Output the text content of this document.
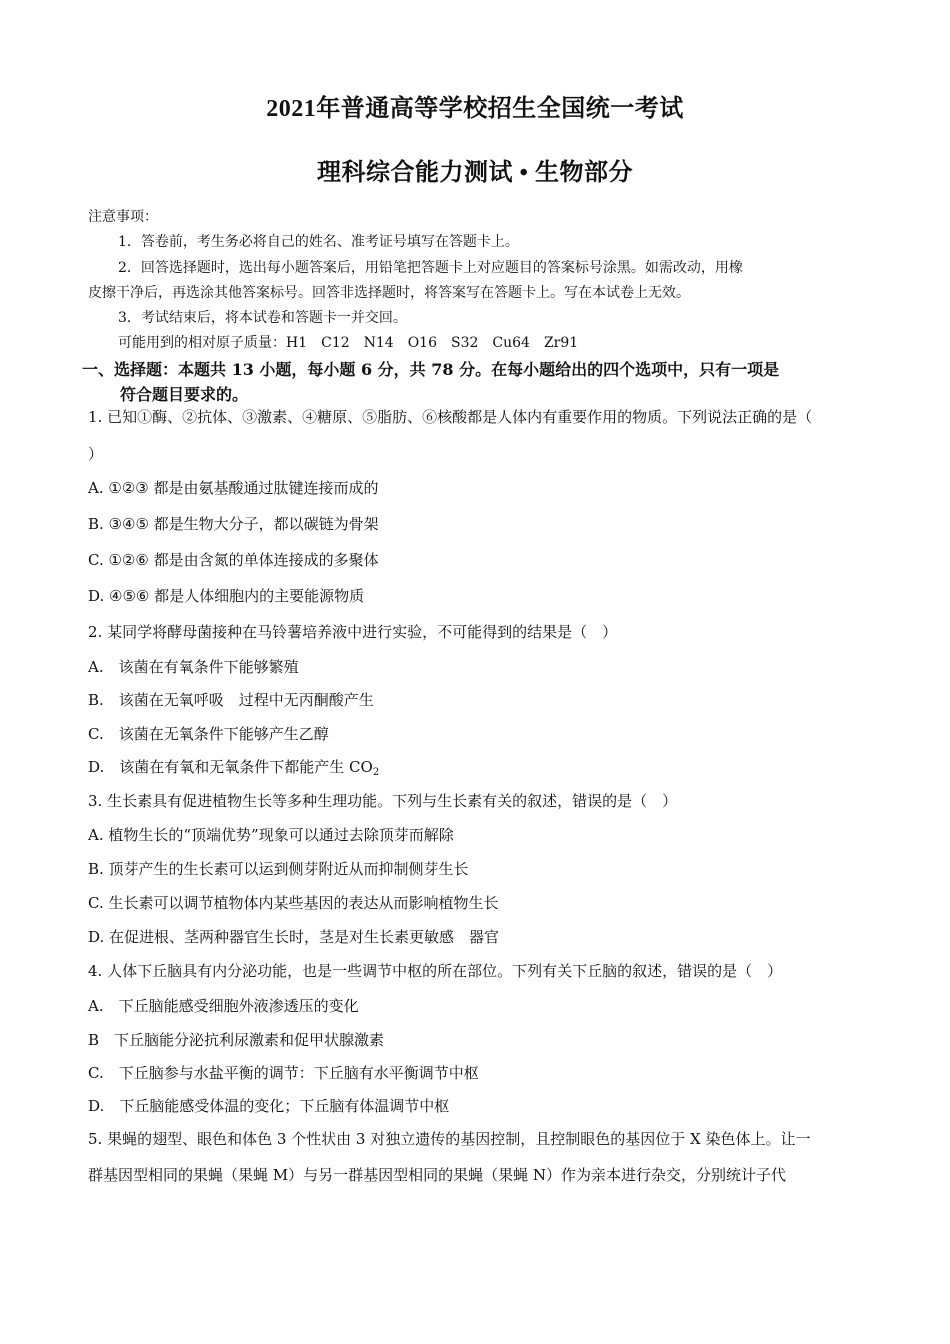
2021年普通高等学校招生全国统一考试
理科综合能力测试 • 生物部分
注意事项：
1．答卷前，考生务必将自己的姓名、准考证号填写在答题卡上。
2．回答选择题时，选出每小题答案后，用铅笔把答题卡上对应题目的答案标号涂黑。如需改动，用橡
皮擦干净后，再选涂其他答案标号。回答非选择题时，将答案写在答题卡上。写在本试卷上无效。
3．考试结束后，将本试卷和答题卡一并交回。
可能用到的相对原子质量：H1　C12　N14　O16　S32　Cu64　Zr91
一、选择题：本题共 13 小题，每小题 6 分，共 78 分。在每小题给出的四个选项中，只有一项是
符合题目要求的。
1. 已知①酶、②抗体、③激素、④糖原、⑤脂肪、⑥核酸都是人体内有重要作用的物质。下列说法正确的是（
）
A. ①②③ 都是由氨基酸通过肽键连接而成的
B. ③④⑤ 都是生物大分子，都以碳链为骨架
C. ①②⑥ 都是由含氮的单体连接成的多聚体
D. ④⑤⑥ 都是人体细胞内的主要能源物质
2. 某同学将酵母菌接种在马铃薯培养液中进行实验，不可能得到的结果是（　）
A.　该菌在有氧条件下能够繁殖
B.　该菌在无氧呼吸　过程中无丙酮酸产生
C.　该菌在无氧条件下能够产生乙醇
D.　该菌在有氧和无氧条件下都能产生 $CO_2$
3. 生长素具有促进植物生长等多种生理功能。下列与生长素有关的叙述，错误的是（　）
A. 植物生长的“顶端优势”现象可以通过去除顶芽而解除
B. 顶芽产生的生长素可以运到侧芽附近从而抑制侧芽生长
C. 生长素可以调节植物体内某些基因的表达从而影响植物生长
D. 在促进根、茎两种器官生长时，茎是对生长素更敏感　器官
4. 人体下丘脑具有内分泌功能，也是一些调节中枢的所在部位。下列有关下丘脑的叙述，错误的是（　）
A.　下丘脑能感受细胞外液渗透压的变化
B　下丘脑能分泌抗利尿激素和促甲状腺激素
C.　下丘脑参与水盐平衡的调节：下丘脑有水平衡调节中枢
D.　下丘脑能感受体温的变化；下丘脑有体温调节中枢
5. 果蝇的翅型、眼色和体色 3 个性状由 3 对独立遗传的基因控制，且控制眼色的基因位于 X 染色体上。让一
群基因型相同的果蝇（果蝇 M）与另一群基因型相同的果蝇（果蝇 N）作为亲本进行杂交，分别统计子代
